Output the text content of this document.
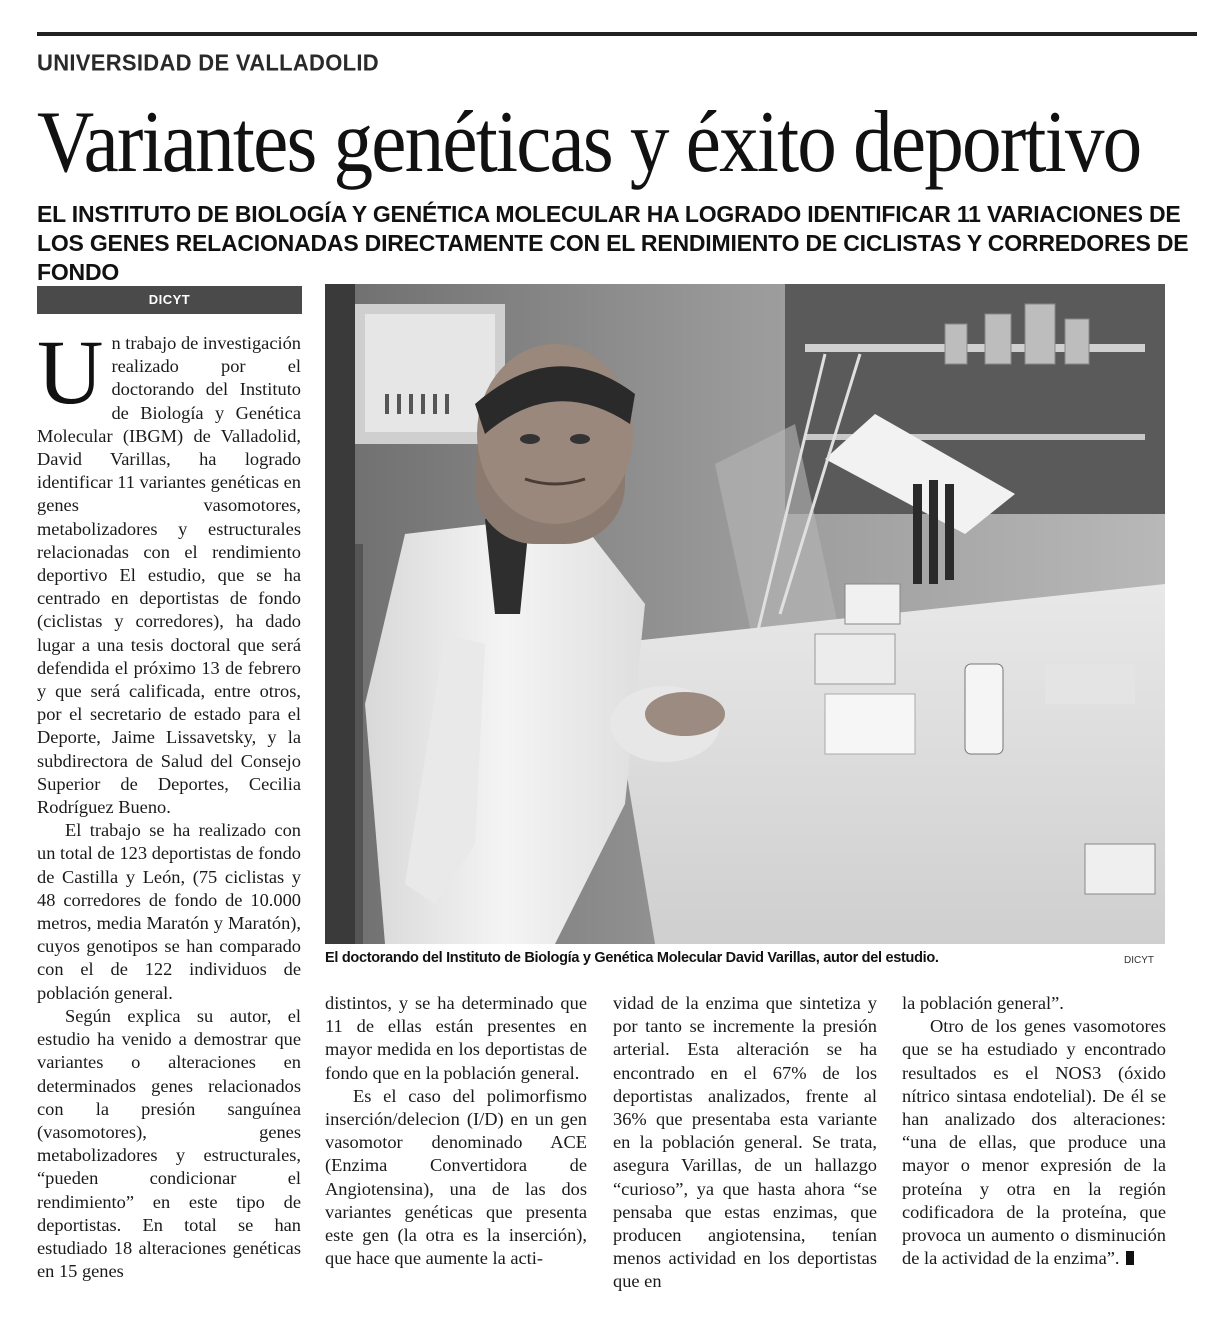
UNIVERSIDAD DE VALLADOLID
Variantes genéticas y éxito deportivo
EL INSTITUTO DE BIOLOGÍA Y GENÉTICA MOLECULAR HA LOGRADO IDENTIFICAR 11 VARIACIONES DE LOS GENES RELACIONADAS DIRECTAMENTE CON EL RENDIMIENTO DE CICLISTAS Y CORREDORES DE FONDO
DICYT

Un trabajo de investigación realizado por el doctorando del Instituto de Biología y Genética Molecular (IBGM) de Valladolid, David Varillas, ha logrado identificar 11 variantes genéticas en genes vasomotores, metabolizadores y estructurales relacionadas con el rendimiento deportivo El estudio, que se ha centrado en deportistas de fondo (ciclistas y corredores), ha dado lugar a una tesis doctoral que será defendida el próximo 13 de febrero y que será calificada, entre otros, por el secretario de estado para el Deporte, Jaime Lissavetsky, y la subdirectora de Salud del Consejo Superior de Deportes, Cecilia Rodríguez Bueno.

El trabajo se ha realizado con un total de 123 deportistas de fondo de Castilla y León, (75 ciclistas y 48 corredores de fondo de 10.000 metros, media Maratón y Maratón), cuyos genotipos se han comparado con el de 122 individuos de población general.

Según explica su autor, el estudio ha venido a demostrar que variantes o alteraciones en determinados genes relacionados con la presión sanguínea (vasomotores), genes metabolizadores y estructurales, “pueden condicionar el rendimiento” en este tipo de deportistas. En total se han estudiado 18 alteraciones genéticas en 15 genes

El doctorando del Instituto de Biología y Genética Molecular David Varillas, autor del estudio.	DICYT

distintos, y se ha determinado que 11 de ellas están presentes en mayor medida en los deportistas de fondo que en la población general.

Es el caso del polimorfismo inserción/delecion (I/D) en un gen vasomotor denominado ACE (Enzima Convertidora de Angiotensina), una de las dos variantes genéticas que presenta este gen (la otra es la inserción), que hace que aumente la acti-

vidad de la enzima que sintetiza y por tanto se incremente la presión arterial. Esta alteración se ha encontrado en el 67% de los deportistas analizados, frente al 36% que presentaba esta variante en la población general. Se trata, asegura Varillas, de un hallazgo “curioso”, ya que hasta ahora “se pensaba que estas enzimas, que producen angiotensina, tenían menos actividad en los deportistas que en

la población general”.

Otro de los genes vasomotores que se ha estudiado y encontrado resultados es el NOS3 (óxido nítrico sintasa endotelial). De él se han analizado dos alteraciones: “una de ellas, que produce una mayor o menor expresión de la proteína y otra en la región codificadora de la proteína, que provoca un aumento o disminución de la actividad de la enzima”.
